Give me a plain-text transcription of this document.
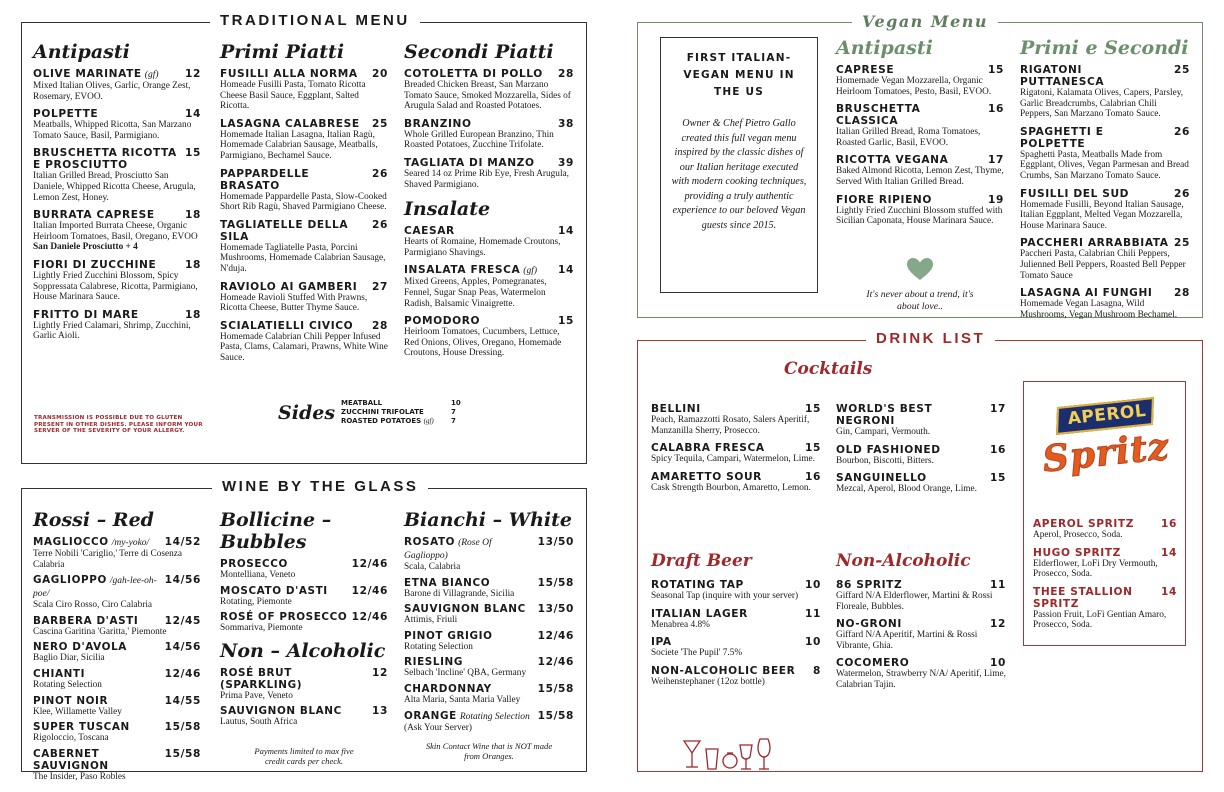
TRADITIONAL MENU
Antipasti
OLIVE MARINATE (gf)	12
Mixed Italian Olives, Garlic, Orange Zest, Rosemary, EVOO.
POLPETTE	14
Meatballs, Whipped Ricotta, San Marzano Tomato Sauce, Basil, Parmigiano.
BRUSCHETTA RICOTTA E PROSCIUTTO
15
Italian Grilled Bread, Prosciutto San Daniele, Whipped Ricotta Cheese, Arugula, Lemon Zest, Honey.
BURRATA CAPRESE	18
Italian Imported Burrata Cheese, Organic Heirloom Tomatoes, Basil, Oregano, EVOO
San Daniele Prosciutto + 4
FIORI DI ZUCCHINE	18
Lightly Fried Zucchini Blossom, Spicy Soppressata Calabrese, Ricotta, Parmigiano, House Marinara Sauce.
FRITTO DI MARE	18
Lightly Fried Calamari, Shrimp, Zucchini, Garlic Aioli.
Primi Piatti
FUSILLI ALLA NORMA 20
Homeade Fusilli Pasta, Tomato Ricotta Cheese Basil Sauce, Eggplant, Salted Ricotta.
LASAGNA CALABRESE 25
Homemade Italian Lasagna, Italian Ragù, Homemade Calabrian Sausage, Meatballs, Parmigiano, Bechamel Sauce.
PAPPARDELLE BRASATO
26
Homemade Pappardelle Pasta, Slow-Cooked Short Rib Ragù, Shaved Parmigiano Cheese.
TAGLIATELLE DELLA SILA
26
Homemade Tagliatelle Pasta, Porcini Mushrooms, Homemade Calabrian Sausage, N'duja.
RAVIOLO AI GAMBERI 27
Homeade Ravioli Stuffed With Prawns, Ricotta Cheese, Butter Thyme Sauce.
SCIALATIELLI CIVICO 28
Homemade Calabrian Chili Pepper Infused Pasta, Clams, Calamari, Prawns, White Wine Sauce.
Secondi Piatti
COTOLETTA DI POLLO 28
Breaded Chicken Breast, San Marzano Tomato Sauce, Smoked Mozzarella, Sides of Arugula Salad and Roasted Potatoes.
BRANZINO	38
Whole Grilled European Branzino, Thin Roasted Potatoes, Zucchine Trifolate.
TAGLIATA DI MANZO 39
Seared 14 oz Prime Rib Eye, Fresh Arugula, Shaved Parmigiano.
Insalate
CAESAR	14
Hearts of Romaine, Homemade Croutons, Parmigiano Shavings.
INSALATA FRESCA (gf) 14
Mixed Greens, Apples, Pomegranates, Fennel, Sugar Snap Peas, Watermelon Radish, Balsamic Vinaigrette.
POMODORO	15
Heirloom Tomatoes, Cucumbers, Lettuce, Red Onions, Olives, Oregano, Homemade Croutons, House Dressing.
TRANSMISSION IS POSSIBLE DUE TO GLUTEN PRESENT IN OTHER DISHES. PLEASE INFORM YOUR SERVER OF THE SEVERITY OF YOUR ALLERGY.
Sides MEATBALL	10
ZUCCHINI TRIFOLATE	7
ROASTED POTATOES (gf)	7
WINE BY THE GLASS
Rossi – Red
MAGLIOCCO /my-yoko/ 14/52
Terre Nobili 'Cariglio,' Terre di Cosenza Calabria
GAGLIOPPO /gah-lee-oh-poe/
14/56
Scala Ciro Rosso, Ciro Calabria
BARBERA D'ASTI 12/45
Cascina Garitina 'Garitta,' Piemonte
NERO D'AVOLA	14/56
Baglio Diar, Sicilia
CHIANTI	12/46
Rotating Selection
PINOT NOIR	14/55
Klee, Willamette Valley
SUPER TUSCAN	15/58
Rigoloccio, Toscana
CABERNET SAUVIGNON
15/58
The Insider, Paso Robles
Bollicine – Bubbles
PROSECCO	12/46
Montelliana, Veneto
MOSCATO D'ASTI 12/46
Rotating, Piemonte
ROSÉ OF PROSECCO 12/46
Sommariva, Piemonte
Non – Alcoholic
ROSÉ BRUT (SPARKLING)
12
Prima Pave, Veneto
SAUVIGNON BLANC	13
Lautus, South Africa
Payments limited to max five credit cards per check.
Bianchi – White
ROSATO (Rose Of Gaglioppo)
13/50
Scala, Calabria
ETNA BIANCO	15/58
Barone di Villagrande, Sicilia
SAUVIGNON BLANC 13/50
Attimis, Friuli
PINOT GRIGIO	12/46
Rotating Selection
RIESLING	12/46
Selbach 'Incline' QBA, Germany
CHARDONNAY	15/58
Alta Maria, Santa Maria Valley
ORANGE Rotating Selection 15/58
(Ask Your Server)
Skin Contact Wine that is NOT made from Oranges.
Vegan Menu
FIRST ITALIAN-VEGAN MENU IN THE US
Owner & Chef Pietro Gallo created this full vegan menu inspired by the classic dishes of our Italian heritage executed with modern cooking techniques, providing a truly authentic experience to our beloved Vegan guests since 2015.
Antipasti
CAPRESE	15
Homemade Vegan Mozzarella, Organic Heirloom Tomatoes, Pesto, Basil, EVOO.
BRUSCHETTA CLASSICA
16
Italian Grilled Bread, Roma Tomatoes, Roasted Garlic, Basil, EVOO.
RICOTTA VEGANA	17
Baked Almond Ricotta, Lemon Zest, Thyme, Served With Italian Grilled Bread.
FIORE RIPIENO	19
Lightly Fried Zucchini Blossom stuffed with Sicilian Caponata, House Marinara Sauce.
It's never about a trend, it's about love..
Primi e Secondi
RIGATONI PUTTANESCA
25
Rigatoni, Kalamata Olives, Capers, Parsley, Garlic Breadcrumbs, Calabrian Chili Peppers, San Marzano Tomato Sauce.
SPAGHETTI E POLPETTE
26
Spaghetti Pasta, Meatballs Made from Eggplant, Olives, Vegan Parmesan and Bread Crumbs, San Marzano Tomato Sauce.
FUSILLI DEL SUD	26
Homemade Fusilli, Beyond Italian Sausage, Italian Eggplant, Melted Vegan Mozzarella, House Marinara Sauce.
PACCHERI ARRABBIATA 25
Paccheri Pasta, Calabrian Chili Peppers, Julienned Bell Peppers, Roasted Bell Pepper Tomato Sauce
LASAGNA AI FUNGHI 28
Homemade Vegan Lasagna, Wild Mushrooms, Vegan Mushroom Bechamel.
DRINK LIST
Cocktails
BELLINI	15
Peach, Ramazzotti Rosato, Salers Aperitif, Manzanilla Sherry, Prosecco.
CALABRA FRESCA	15
Spicy Tequila, Campari, Watermelon, Lime.
AMARETTO SOUR	16
Cask Strength Bourbon, Amaretto, Lemon.
WORLD'S BEST NEGRONI
17
Gin, Campari, Vermouth.
OLD FASHIONED	16
Bourbon, Biscotti, Bitters.
SANGUINELLO	15
Mezcal, Aperol, Blood Orange, Lime.
Draft Beer
ROTATING TAP	10
Seasonal Tap (inquire with your server)
ITALIAN LAGER	11
Menabrea 4.8%
IPA	10
Societe 'The Pupil' 7.5%
NON-ALCOHOLIC BEER 8
Weihenstephaner (12oz bottle)
Non-Alcoholic
86 SPRITZ	11
Giffard N/A Elderflower, Martini & Rossi Floreale, Bubbles.
NO-GRONI	12
Giffard N/A Aperitif, Martini & Rossi Vibrante, Ghia.
COCOMERO	10
Watermelon, Strawberry N/A/ Aperitif, Lime, Calabrian Tajin.
APEROL
Spritz
APEROL SPRITZ	16
Aperol, Prosecco, Soda.
HUGO SPRITZ	14
Elderflower, LoFi Dry Vermouth, Prosecco, Soda.
THEE STALLION SPRITZ
14
Passion Fruit, LoFi Gentian Amaro, Prosecco, Soda.
